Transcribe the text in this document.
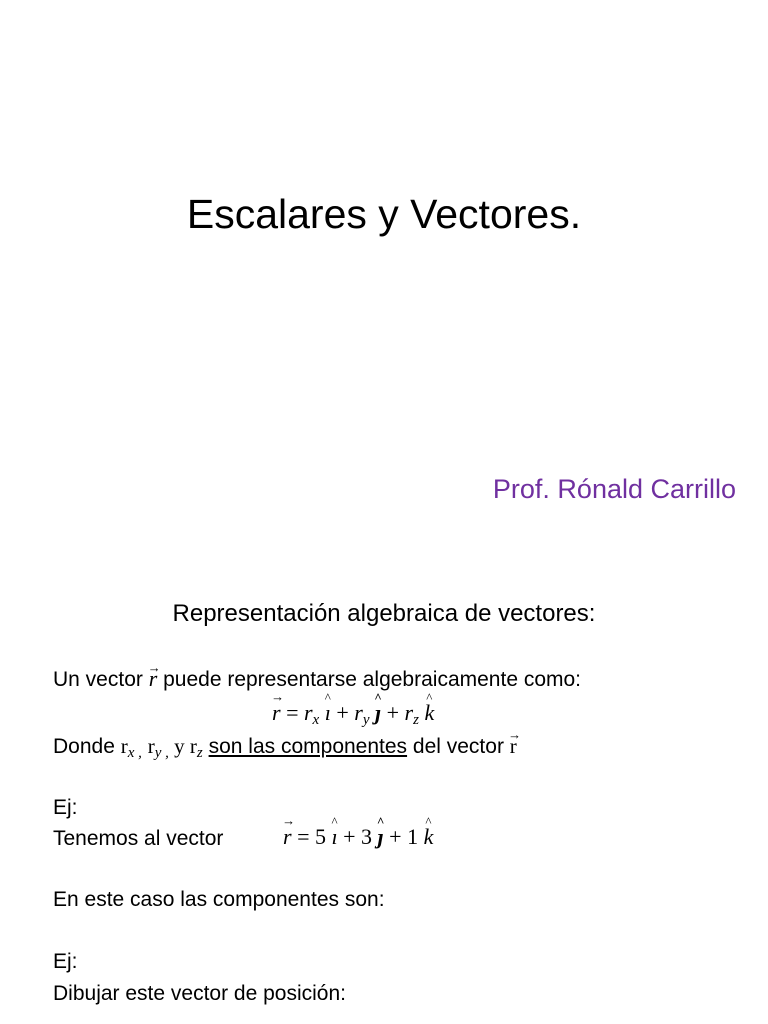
Escalares y Vectores.
Prof. Rónald Carrillo
Representación algebraica de vectores:
Un vector → r puede representarse algebraicamente como:
→ $r = r_x$ ^ ı + $r_y$ ^ ȷ + $r_z$ ^ k
Donde $r_{x ,}$ $r_{y ,}$ y $r_z$ son las componentes del vector → r
Ej:
Tenemos al vector	→ r = 5 ^ ı + 3 ^ ȷ + 1 ^ k
En este caso las componentes son:
Ej:
Dibujar este vector de posición:
